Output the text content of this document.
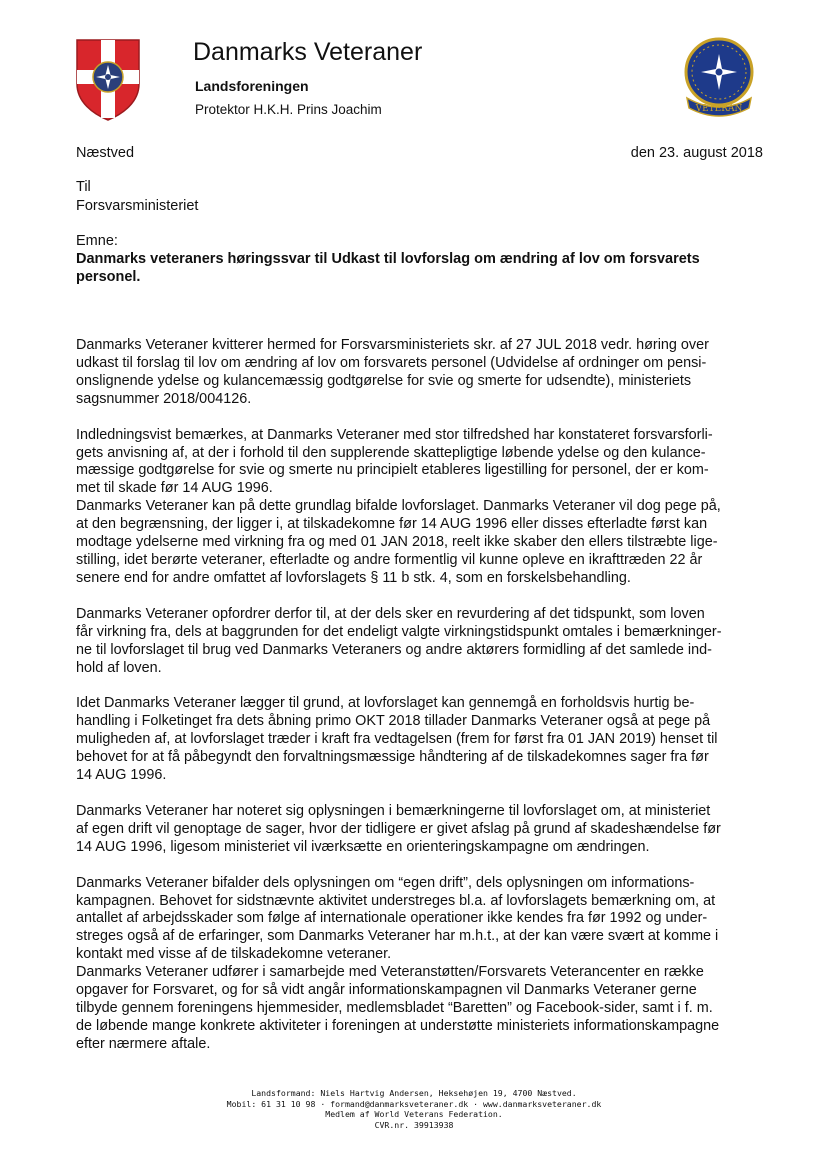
Danmarks Veteraner
Landsforeningen
Protektor H.K.H. Prins Joachim	VETERAN
Næstved	den 23. august 2018
Til
Forsvarsministeriet
Emne:
Danmarks veteraners høringssvar til Udkast til lovforslag om ændring af lov om forsvarets
personel.

Danmarks Veteraner kvitterer hermed for Forsvarsministeriets skr. af 27 JUL 2018 vedr. høring over

udkast til forslag til lov om ændring af lov om forsvarets personel (Udvidelse af ordninger om pensi-

onslignende ydelse og kulancemæssig godtgørelse for svie og smerte for udsendte), ministeriets

sagsnummer 2018/004126.

Indledningsvist bemærkes, at Danmarks Veteraner med stor tilfredshed har konstateret forsvarsforli-

gets anvisning af, at der i forhold til den supplerende skattepligtige løbende ydelse og den kulance-

mæssige godtgørelse for svie og smerte nu principielt etableres ligestilling for personel, der er kom-

met til skade før 14 AUG 1996.

Danmarks Veteraner kan på dette grundlag bifalde lovforslaget. Danmarks Veteraner vil dog pege på,

at den begrænsning, der ligger i, at tilskadekomne før 14 AUG 1996 eller disses efterladte først kan

modtage ydelserne med virkning fra og med 01 JAN 2018, reelt ikke skaber den ellers tilstræbte lige-

stilling, idet berørte veteraner, efterladte og andre formentlig vil kunne opleve en ikrafttræden 22 år

senere end for andre omfattet af lovforslagets § 11 b stk. 4, som en forskelsbehandling.

Danmarks Veteraner opfordrer derfor til, at der dels sker en revurdering af det tidspunkt, som loven

får virkning fra, dels at baggrunden for det endeligt valgte virkningstidspunkt omtales i bemærkninger-

ne til lovforslaget til brug ved Danmarks Veteraners og andre aktørers formidling af det samlede ind-

hold af loven.

Idet Danmarks Veteraner lægger til grund, at lovforslaget kan gennemgå en forholdsvis hurtig be-

handling i Folketinget fra dets åbning primo OKT 2018 tillader Danmarks Veteraner også at pege på

muligheden af, at lovforslaget træder i kraft fra vedtagelsen (frem for først fra 01 JAN 2019) henset til

behovet for at få påbegyndt den forvaltningsmæssige håndtering af de tilskadekomnes sager fra før

14 AUG 1996.

Danmarks Veteraner har noteret sig oplysningen i bemærkningerne til lovforslaget om, at ministeriet

af egen drift vil genoptage de sager, hvor der tidligere er givet afslag på grund af skadeshændelse før

14 AUG 1996, ligesom ministeriet vil iværksætte en orienteringskampagne om ændringen.

Danmarks Veteraner bifalder dels oplysningen om “egen drift”, dels oplysningen om informations-

kampagnen. Behovet for sidstnævnte aktivitet understreges bl.a. af lovforslagets bemærkning om, at

antallet af arbejdsskader som følge af internationale operationer ikke kendes fra før 1992 og under-

streges også af de erfaringer, som Danmarks Veteraner har m.h.t., at der kan være svært at komme i

kontakt med visse af de tilskadekomne veteraner.

Danmarks Veteraner udfører i samarbejde med Veteranstøtten/Forsvarets Veterancenter en række

opgaver for Forsvaret, og for så vidt angår informationskampagnen vil Danmarks Veteraner gerne

tilbyde gennem foreningens hjemmesider, medlemsbladet “Baretten” og Facebook-sider, samt i f. m.

de løbende mange konkrete aktiviteter i foreningen at understøtte ministeriets informationskampagne

efter nærmere aftale.

Landsformand: Niels Hartvig Andersen, Heksehøjen 19, 4700 Næstved.
Mobil: 61 31 10 98 · formand@danmarksveteraner.dk · www.danmarksveteraner.dk
Medlem af World Veterans Federation.
CVR.nr. 39913938
